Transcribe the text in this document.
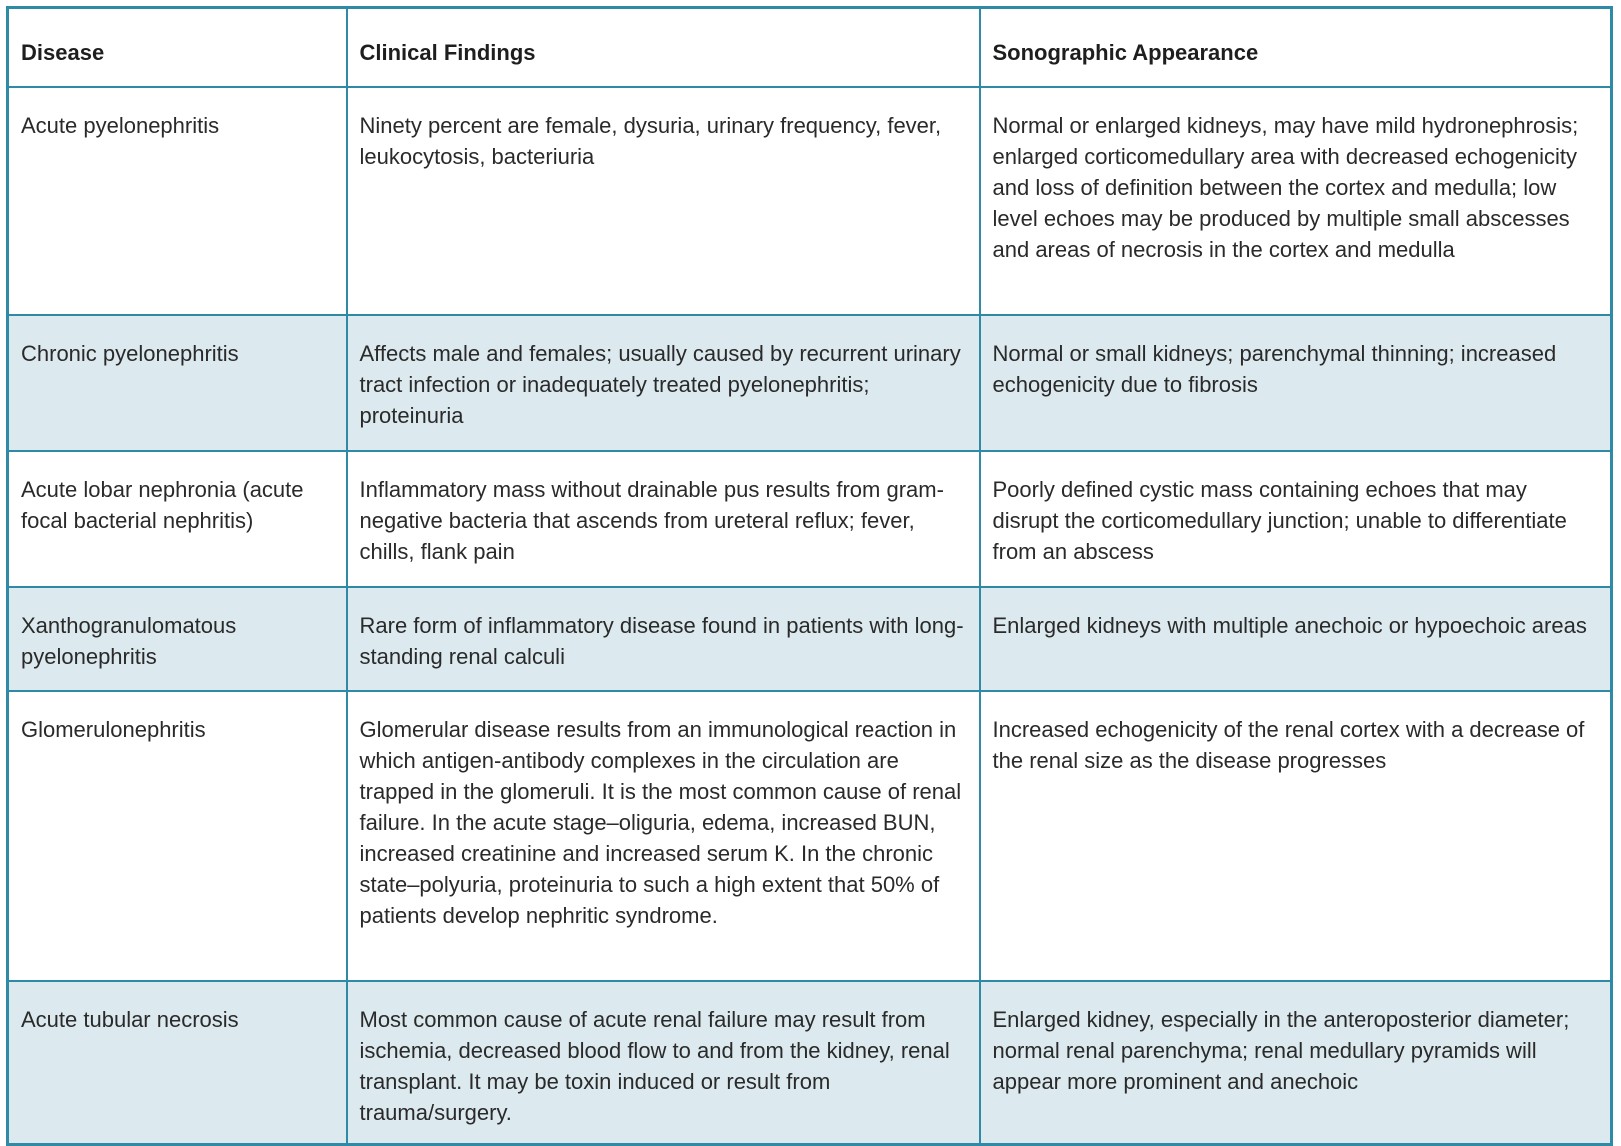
Disease	Clinical Findings	Sonographic Appearance
Acute pyelonephritis	Ninety percent are female, dysuria, urinary frequency, fever, leukocytosis, bacteriuria	Normal or enlarged kidneys, may have mild hydronephrosis; enlarged corticomedullary area with decreased echogenicity and loss of definition between the cortex and medulla; low level echoes may be produced by multiple small abscesses and areas of necrosis in the cortex and medulla
Chronic pyelonephritis	Affects male and females; usually caused by recurrent urinary tract infection or inadequately treated pyelonephritis; proteinuria	Normal or small kidneys; parenchymal thinning; increased echogenicity due to fibrosis
Acute lobar nephronia (acute focal bacterial nephritis)	Inflammatory mass without drainable pus results from gram-negative bacteria that ascends from ureteral reflux; fever, chills, flank pain	Poorly defined cystic mass containing echoes that may disrupt the corticomedullary junction; unable to differentiate from an abscess
Xanthogranulomatous pyelonephritis	Rare form of inflammatory disease found in patients with long-standing renal calculi	Enlarged kidneys with multiple anechoic or hypoechoic areas
Glomerulonephritis	Glomerular disease results from an immunological reaction in which antigen-antibody complexes in the circulation are trapped in the glomeruli. It is the most common cause of renal failure. In the acute stage–oliguria, edema, increased BUN, increased creatinine and increased serum K. In the chronic state–polyuria, proteinuria to such a high extent that 50% of patients develop nephritic syndrome.	Increased echogenicity of the renal cortex with a decrease of the renal size as the disease progresses
Acute tubular necrosis	Most common cause of acute renal failure may result from ischemia, decreased blood flow to and from the kidney, renal transplant. It may be toxin induced or result from trauma/surgery.	Enlarged kidney, especially in the anteroposterior diameter; normal renal parenchyma; renal medullary pyramids will appear more prominent and anechoic
